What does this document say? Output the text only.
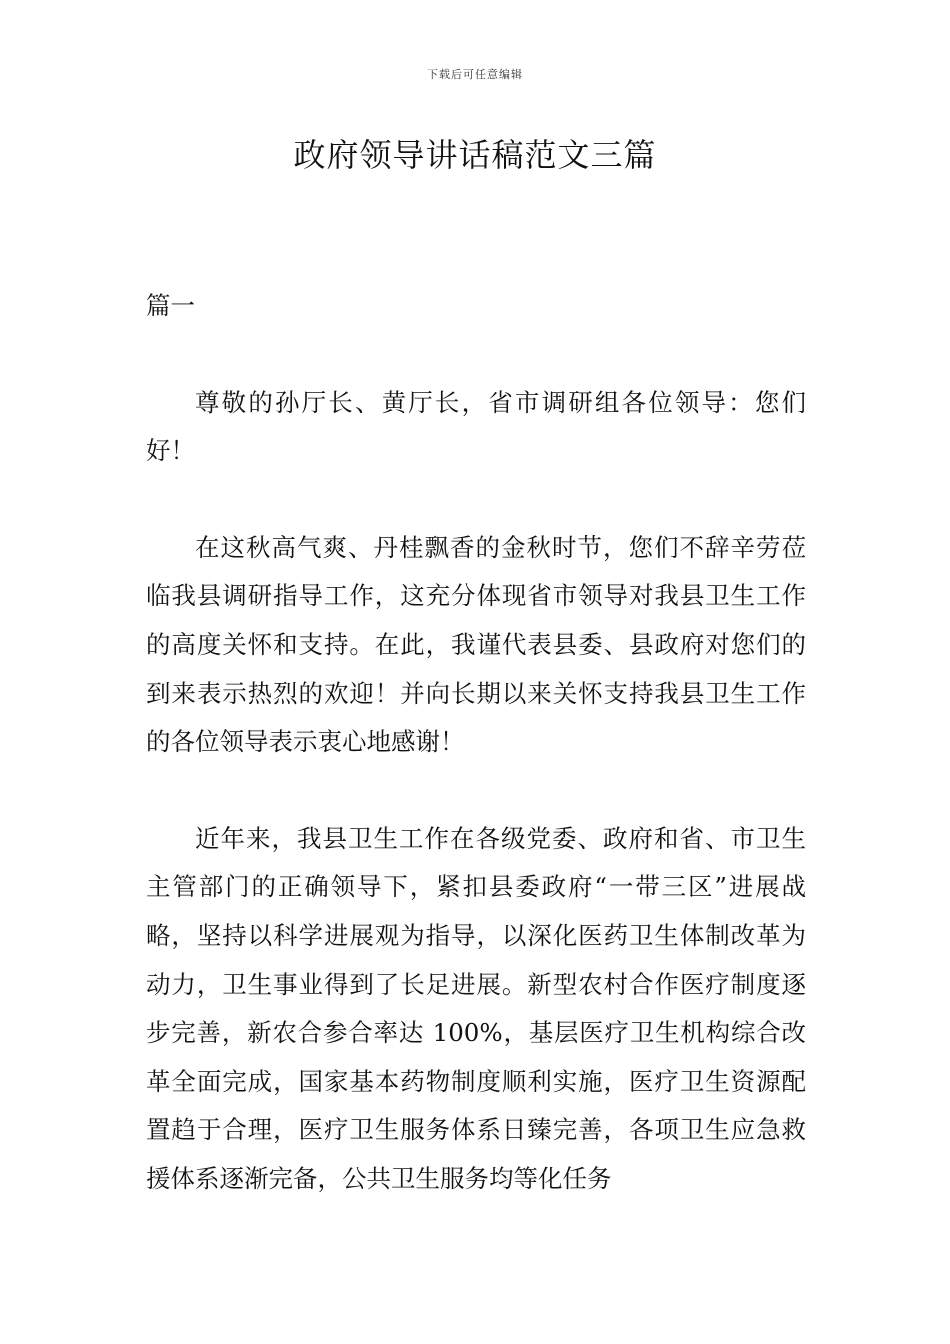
下载后可任意编辑
政府领导讲话稿范文三篇

篇一

尊敬的孙厅长、黄厅长，省市调研组各位领导：您们好！

在这秋高气爽、丹桂飘香的金秋时节，您们不辞辛劳莅临我县调研指导工作，这充分体现省市领导对我县卫生工作的高度关怀和支持。在此，我谨代表县委、县政府对您们的到来表示热烈的欢迎！并向长期以来关怀支持我县卫生工作的各位领导表示衷心地感谢！

近年来，我县卫生工作在各级党委、政府和省、市卫生主管部门的正确领导下，紧扣县委政府“一带三区”进展战略，坚持以科学进展观为指导，以深化医药卫生体制改革为动力，卫生事业得到了长足进展。新型农村合作医疗制度逐步完善，新农合参合率达 100%，基层医疗卫生机构综合改革全面完成，国家基本药物制度顺利实施，医疗卫生资源配置趋于合理，医疗卫生服务体系日臻完善，各项卫生应急救援体系逐渐完备，公共卫生服务均等化任务
